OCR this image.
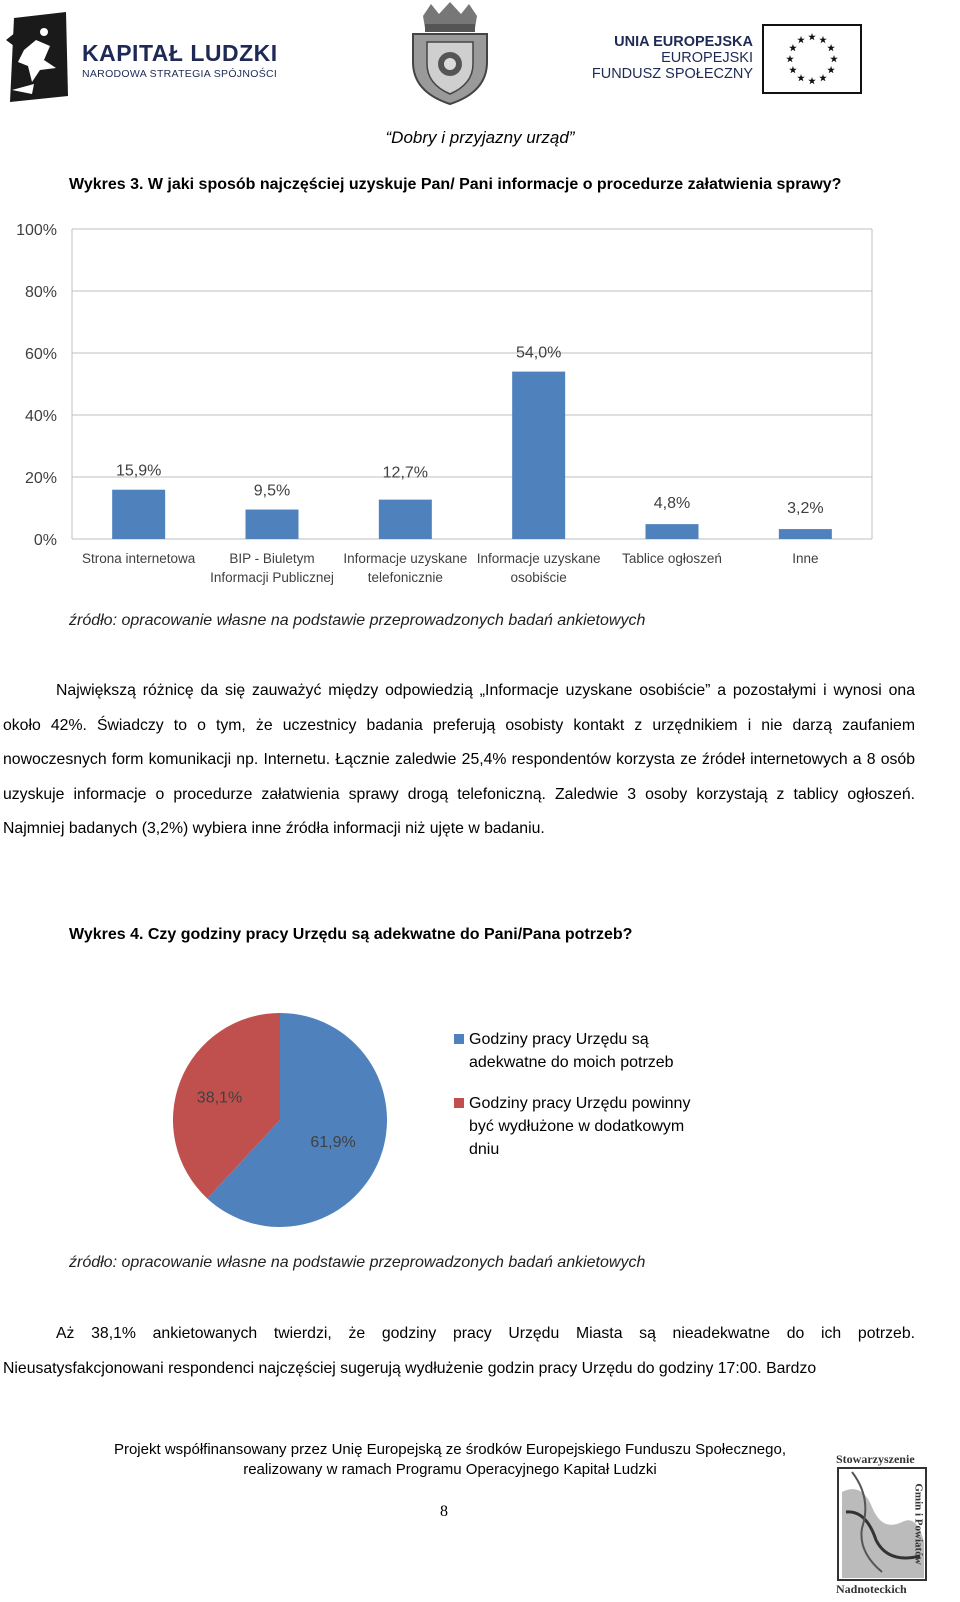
KAPITAŁ LUDZKI
NARODOWA STRATEGIA SPÓJNOŚCI
UNIA EUROPEJSKA
EUROPEJSKI
FUNDUSZ SPOŁECZNY
“Dobry i przyjazny urząd”
Wykres 3. W jaki sposób najczęściej uzyskuje Pan/ Pani informacje o procedurze załatwienia sprawy?
0%
20%
40%
60%
80%
100%
15,9%
Strona internetowa
9,5%
BIP - Biuletym
Informacji Publicznej
12,7%
Informacje uzyskane
telefonicznie
54,0%
Informacje uzyskane
osobiście
4,8%
Tablice ogłoszeń
3,2%
Inne
źródło: opracowanie własne na podstawie przeprowadzonych badań ankietowych

Największą różnicę da się zauważyć między odpowiedzią „Informacje uzyskane osobiście” a pozostałymi i wynosi ona około 42%. Świadczy to o tym, że uczestnicy badania preferują osobisty kontakt z urzędnikiem i nie darzą zaufaniem nowoczesnych form komunikacji np. Internetu. Łącznie zaledwie 25,4% respondentów korzysta ze źródeł internetowych a 8 osób uzyskuje informacje o procedurze załatwienia sprawy drogą telefoniczną. Zaledwie 3 osoby korzystają z tablicy ogłoszeń. Najmniej badanych (3,2%) wybiera inne źródła informacji niż ujęte w badaniu.

Wykres 4. Czy godziny pracy Urzędu są adekwatne do Pani/Pana potrzeb?
61,9%
38,1%
Godziny pracy Urzędu są
adekwatne do moich potrzeb
Godziny pracy Urzędu powinny
być wydłużone w dodatkowym
dniu
źródło: opracowanie własne na podstawie przeprowadzonych badań ankietowych

Aż 38,1% ankietowanych twierdzi, że godziny pracy Urzędu Miasta są nieadekwatne do ich potrzeb. Nieusatysfakcjonowani respondenci najczęściej sugerują wydłużenie godzin pracy Urzędu do godziny 17:00. Bardzo

Projekt współfinansowany przez Unię Europejską ze środków Europejskiego Funduszu Społecznego,
realizowany w ramach Programu Operacyjnego Kapitał Ludzki
8
Stowarzyszenie
Gmin i Powiatów
Nadnoteckich
